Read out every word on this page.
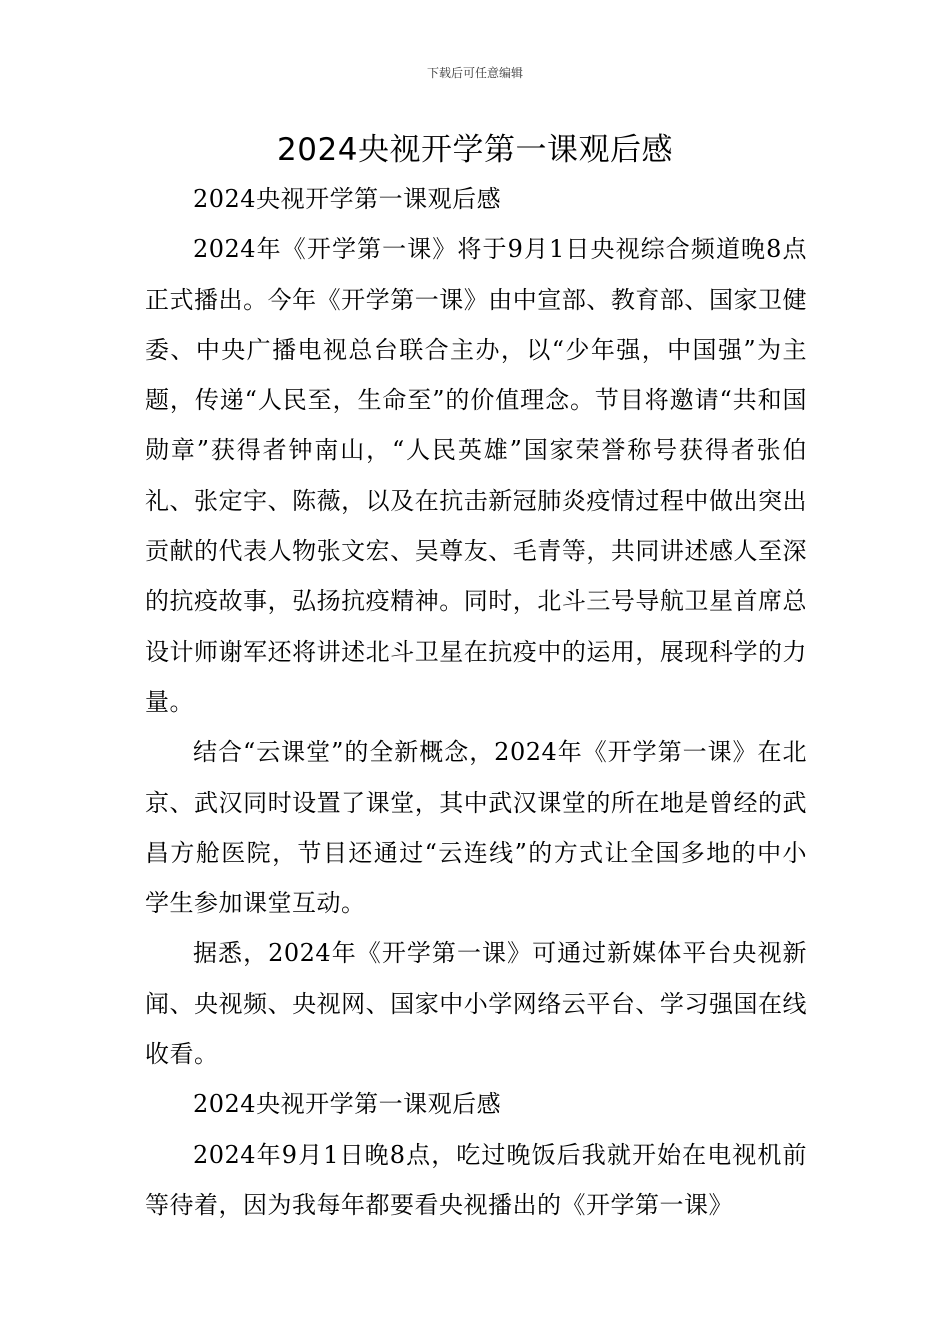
下载后可任意编辑
2024央视开学第一课观后感

2024央视开学第一课观后感

2024年《开学第一课》将于9月1日央视综合频道晚8点正式播出。今年《开学第一课》由中宣部、教育部、国家卫健委、中央广播电视总台联合主办，以“少年强，中国强”为主题，传递“人民至，生命至”的价值理念。节目将邀请“共和国勋章”获得者钟南山，“人民英雄”国家荣誉称号获得者张伯礼、张定宇、陈薇，以及在抗击新冠肺炎疫情过程中做出突出贡献的代表人物张文宏、吴尊友、毛青等，共同讲述感人至深的抗疫故事，弘扬抗疫精神。同时，北斗三号导航卫星首席总设计师谢军还将讲述北斗卫星在抗疫中的运用，展现科学的力量。

结合“云课堂”的全新概念，2024年《开学第一课》在北京、武汉同时设置了课堂，其中武汉课堂的所在地是曾经的武昌方舱医院，节目还通过“云连线”的方式让全国多地的中小学生参加课堂互动。

据悉，2024年《开学第一课》可通过新媒体平台央视新闻、央视频、央视网、国家中小学网络云平台、学习强国在线收看。

2024央视开学第一课观后感

2024年9月1日晚8点，吃过晚饭后我就开始在电视机前等待着，因为我每年都要看央视播出的《开学第一课》
